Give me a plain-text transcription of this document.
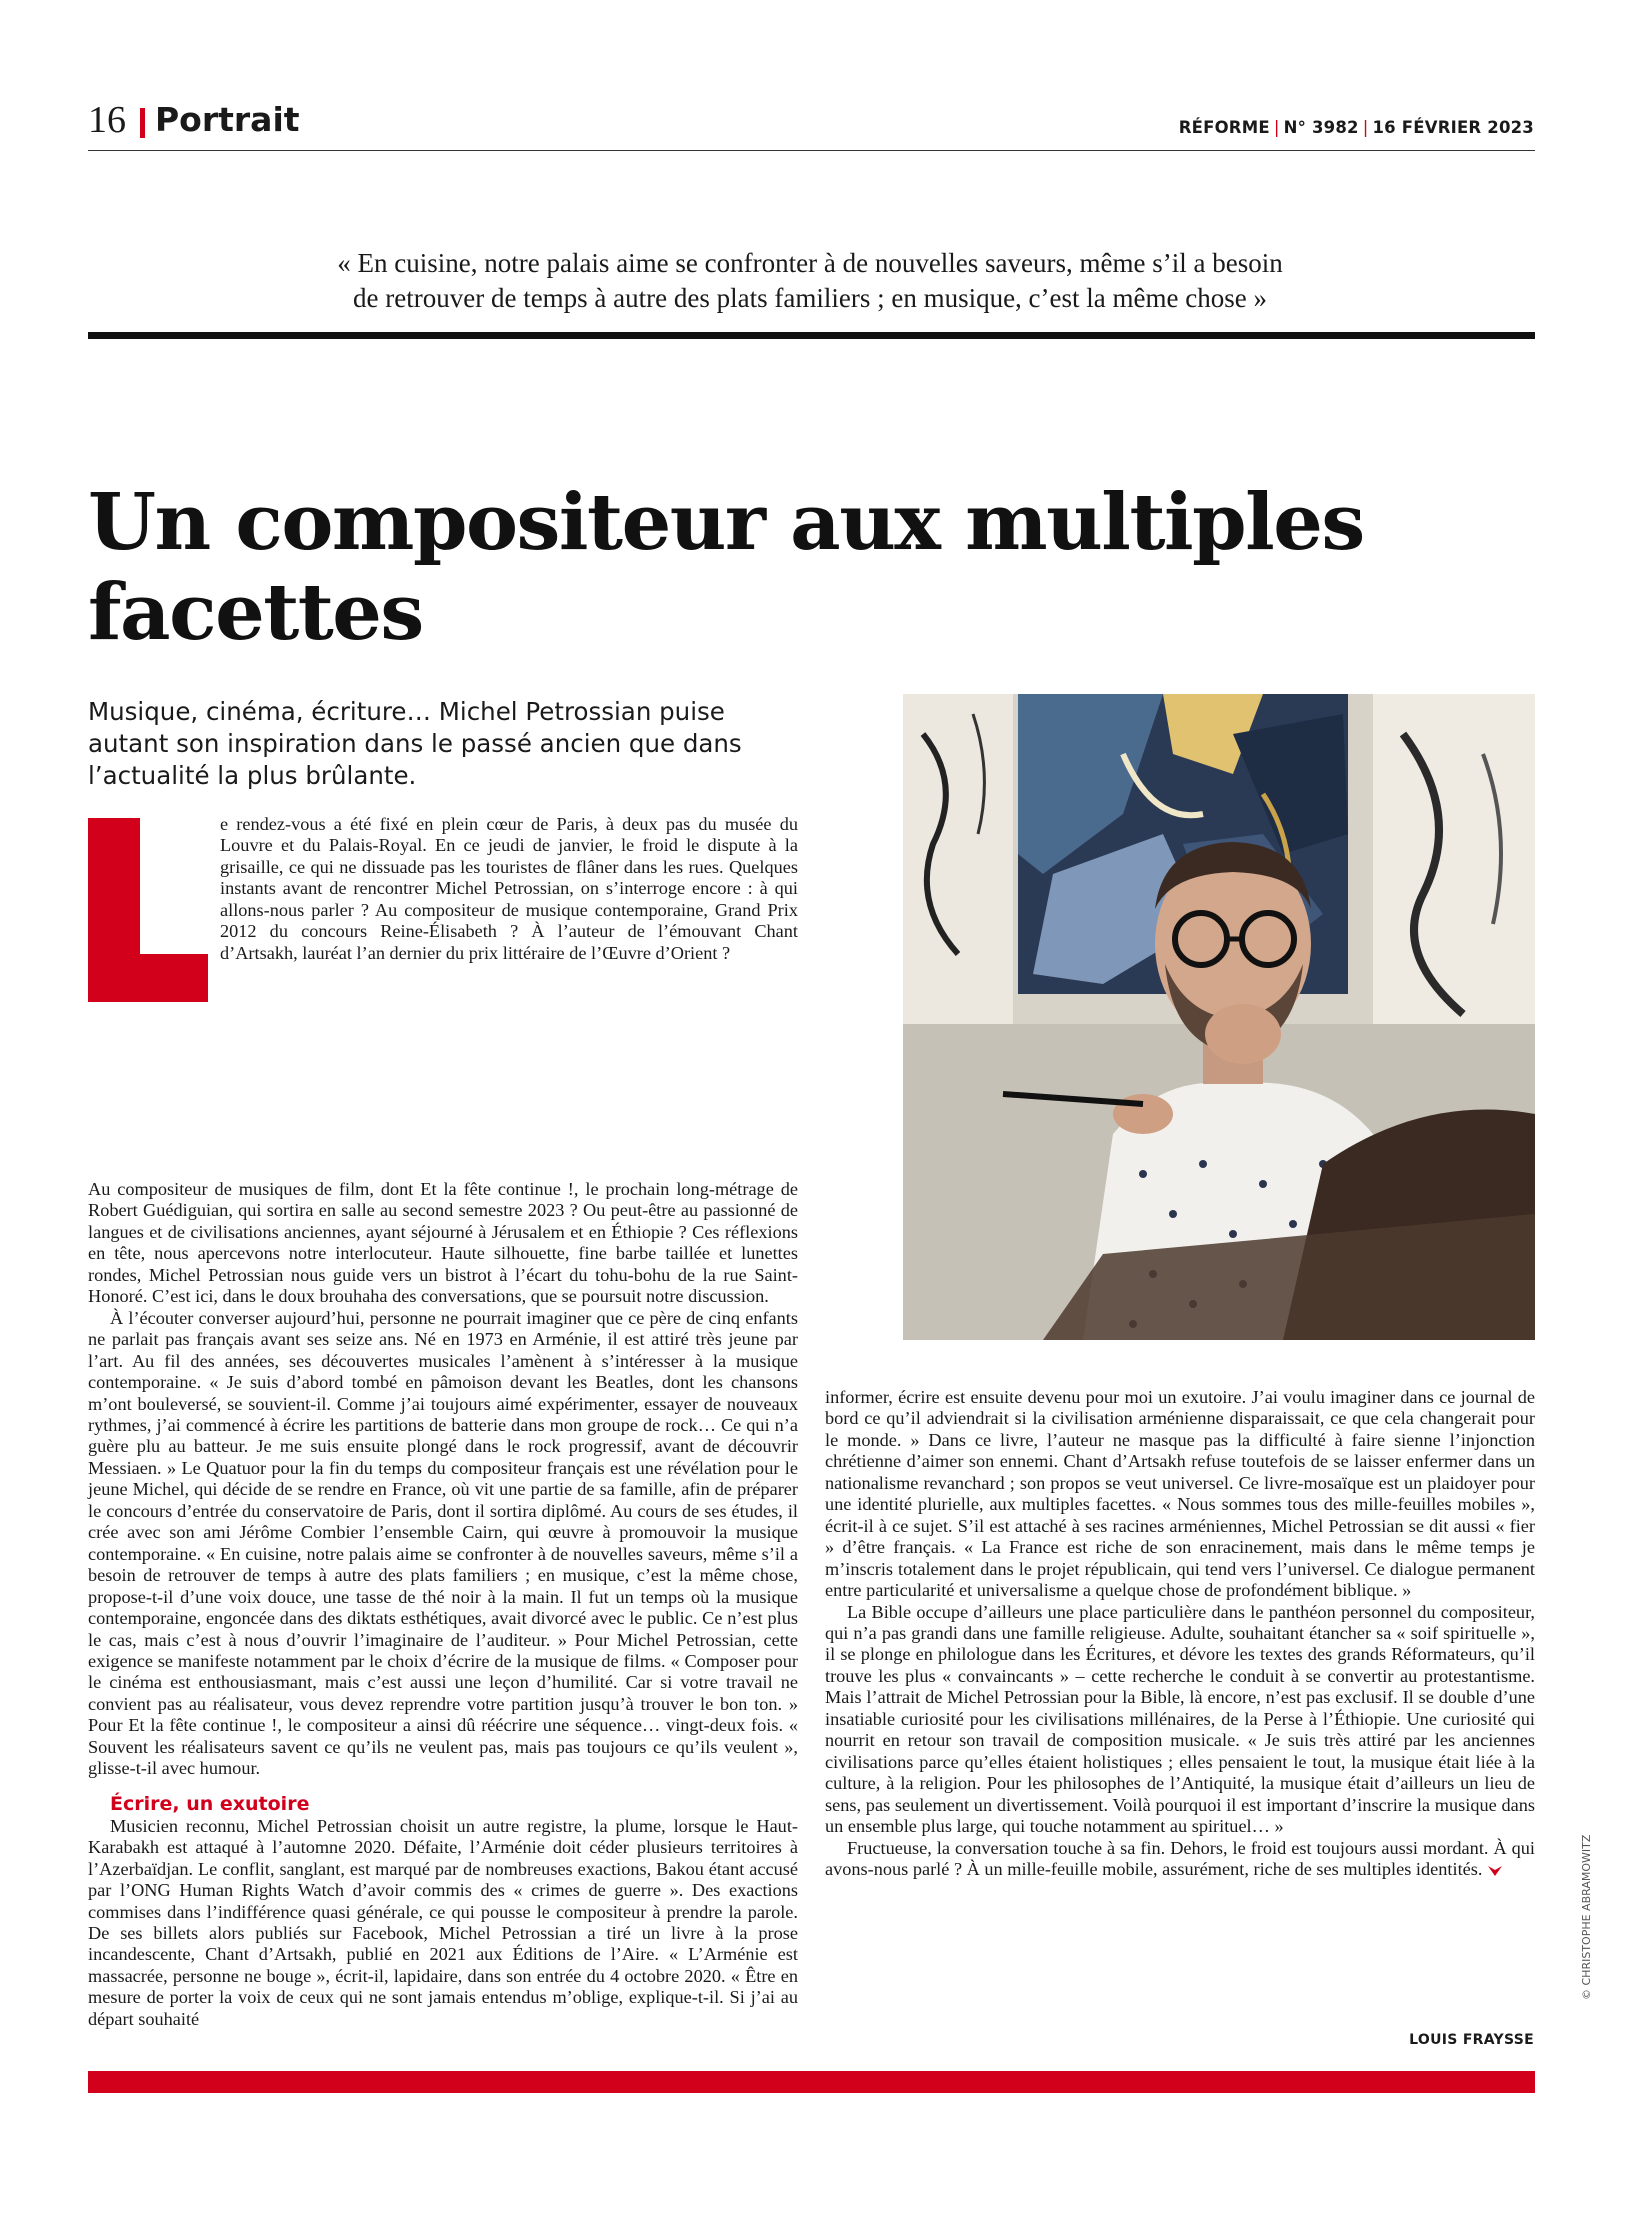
16 Portrait	RÉFORME | N° 3982 | 16 FÉVRIER 2023
« En cuisine, notre palais aime se confronter à de nouvelles saveurs, même s’il a besoin
de retrouver de temps à autre des plats familiers ; en musique, c’est la même chose »
Un compositeur aux multiples
facettes
Musique, cinéma, écriture… Michel Petrossian puise autant son inspiration dans le passé ancien que dans l’actualité la plus brûlante.
© CHRISTOPHE ABRAMOWITZ

e rendez-vous a été fixé en plein cœur de Paris, à deux pas du musée du Louvre et du Palais-Royal. En ce jeudi de janvier, le froid le dispute à la grisaille, ce qui ne dissuade pas les touristes de flâner dans les rues. Quelques instants avant de rencontrer Michel Petrossian, on s’interroge encore : à qui allons-nous parler ? Au compositeur de musique contemporaine, Grand Prix 2012 du concours Reine-Élisabeth ? À l’auteur de l’émouvant Chant d’Artsakh, lauréat l’an dernier du prix littéraire de l’Œuvre d’Orient ?

Au compositeur de musiques de film, dont Et la fête continue !, le prochain long-métrage de Robert Guédiguian, qui sortira en salle au second semestre 2023 ? Ou peut-être au passionné de langues et de civilisations anciennes, ayant séjourné à Jérusalem et en Éthiopie ? Ces réflexions en tête, nous apercevons notre interlocuteur. Haute silhouette, fine barbe taillée et lunettes rondes, Michel Petrossian nous guide vers un bistrot à l’écart du tohu-bohu de la rue Saint-Honoré. C’est ici, dans le doux brouhaha des conversations, que se poursuit notre discussion.

À l’écouter converser aujourd’hui, personne ne pourrait imaginer que ce père de cinq enfants ne parlait pas français avant ses seize ans. Né en 1973 en Arménie, il est attiré très jeune par l’art. Au fil des années, ses découvertes musicales l’amènent à s’intéresser à la musique contemporaine. « Je suis d’abord tombé en pâmoison devant les Beatles, dont les chansons m’ont bouleversé, se souvient-il. Comme j’ai toujours aimé expérimenter, essayer de nouveaux rythmes, j’ai commencé à écrire les partitions de batterie dans mon groupe de rock… Ce qui n’a guère plu au batteur. Je me suis ensuite plongé dans le rock progressif, avant de découvrir Messiaen. » Le Quatuor pour la fin du temps du compositeur français est une révélation pour le jeune Michel, qui décide de se rendre en France, où vit une partie de sa famille, afin de préparer le concours d’entrée du conservatoire de Paris, dont il sortira diplômé. Au cours de ses études, il crée avec son ami Jérôme Combier l’ensemble Cairn, qui œuvre à promouvoir la musique contemporaine. « En cuisine, notre palais aime se confronter à de nouvelles saveurs, même s’il a besoin de retrouver de temps à autre des plats familiers ; en musique, c’est la même chose, propose-t-il d’une voix douce, une tasse de thé noir à la main. Il fut un temps où la musique contemporaine, engoncée dans des diktats esthétiques, avait divorcé avec le public. Ce n’est plus le cas, mais c’est à nous d’ouvrir l’imaginaire de l’auditeur. » Pour Michel Petrossian, cette exigence se manifeste notamment par le choix d’écrire de la musique de films. « Composer pour le cinéma est enthousiasmant, mais c’est aussi une leçon d’humilité. Car si votre travail ne convient pas au réalisateur, vous devez reprendre votre partition jusqu’à trouver le bon ton. » Pour Et la fête continue !, le compositeur a ainsi dû réécrire une séquence… vingt-deux fois. « Souvent les réalisateurs savent ce qu’ils ne veulent pas, mais pas toujours ce qu’ils veulent », glisse-t-il avec humour.

Écrire, un exutoire

Musicien reconnu, Michel Petrossian choisit un autre registre, la plume, lorsque le Haut-Karabakh est attaqué à l’automne 2020. Défaite, l’Arménie doit céder plusieurs territoires à l’Azerbaïdjan. Le conflit, sanglant, est marqué par de nombreuses exactions, Bakou étant accusé par l’ONG Human Rights Watch d’avoir commis des « crimes de guerre ». Des exactions commises dans l’indifférence quasi générale, ce qui pousse le compositeur à prendre la parole. De ses billets alors publiés sur Facebook, Michel Petrossian a tiré un livre à la prose incandescente, Chant d’Artsakh, publié en 2021 aux Éditions de l’Aire. « L’Arménie est massacrée, personne ne bouge », écrit-il, lapidaire, dans son entrée du 4 octobre 2020. « Être en mesure de porter la voix de ceux qui ne sont jamais entendus m’oblige, explique-t-il. Si j’ai au départ souhaité

informer, écrire est ensuite devenu pour moi un exutoire. J’ai voulu imaginer dans ce journal de bord ce qu’il adviendrait si la civilisation arménienne disparaissait, ce que cela changerait pour le monde. » Dans ce livre, l’auteur ne masque pas la difficulté à faire sienne l’injonction chrétienne d’aimer son ennemi. Chant d’Artsakh refuse toutefois de se laisser enfermer dans un nationalisme revanchard ; son propos se veut universel. Ce livre-mosaïque est un plaidoyer pour une identité plurielle, aux multiples facettes. « Nous sommes tous des mille-feuilles mobiles », écrit-il à ce sujet. S’il est attaché à ses racines arméniennes, Michel Petrossian se dit aussi « fier » d’être français. « La France est riche de son enracinement, mais dans le même temps je m’inscris totalement dans le projet républicain, qui tend vers l’universel. Ce dialogue permanent entre particularité et universalisme a quelque chose de profondément biblique. »

La Bible occupe d’ailleurs une place particulière dans le panthéon personnel du compositeur, qui n’a pas grandi dans une famille religieuse. Adulte, souhaitant étancher sa « soif spirituelle », il se plonge en philologue dans les Écritures, et dévore les textes des grands Réformateurs, qu’il trouve les plus « convaincants » – cette recherche le conduit à se convertir au protestantisme. Mais l’attrait de Michel Petrossian pour la Bible, là encore, n’est pas exclusif. Il se double d’une insatiable curiosité pour les civilisations millénaires, de la Perse à l’Éthiopie. Une curiosité qui nourrit en retour son travail de composition musicale. « Je suis très attiré par les anciennes civilisations parce qu’elles étaient holistiques ; elles pensaient le tout, la musique était liée à la culture, à la religion. Pour les philosophes de l’Antiquité, la musique était d’ailleurs un lieu de sens, pas seulement un divertissement. Voilà pourquoi il est important d’inscrire la musique dans un ensemble plus large, qui touche notamment au spirituel… »

Fructueuse, la conversation touche à sa fin. Dehors, le froid est toujours aussi mordant. À qui avons-nous parlé ? À un mille-feuille mobile, assurément, riche de ses multiples identités.

LOUIS FRAYSSE
